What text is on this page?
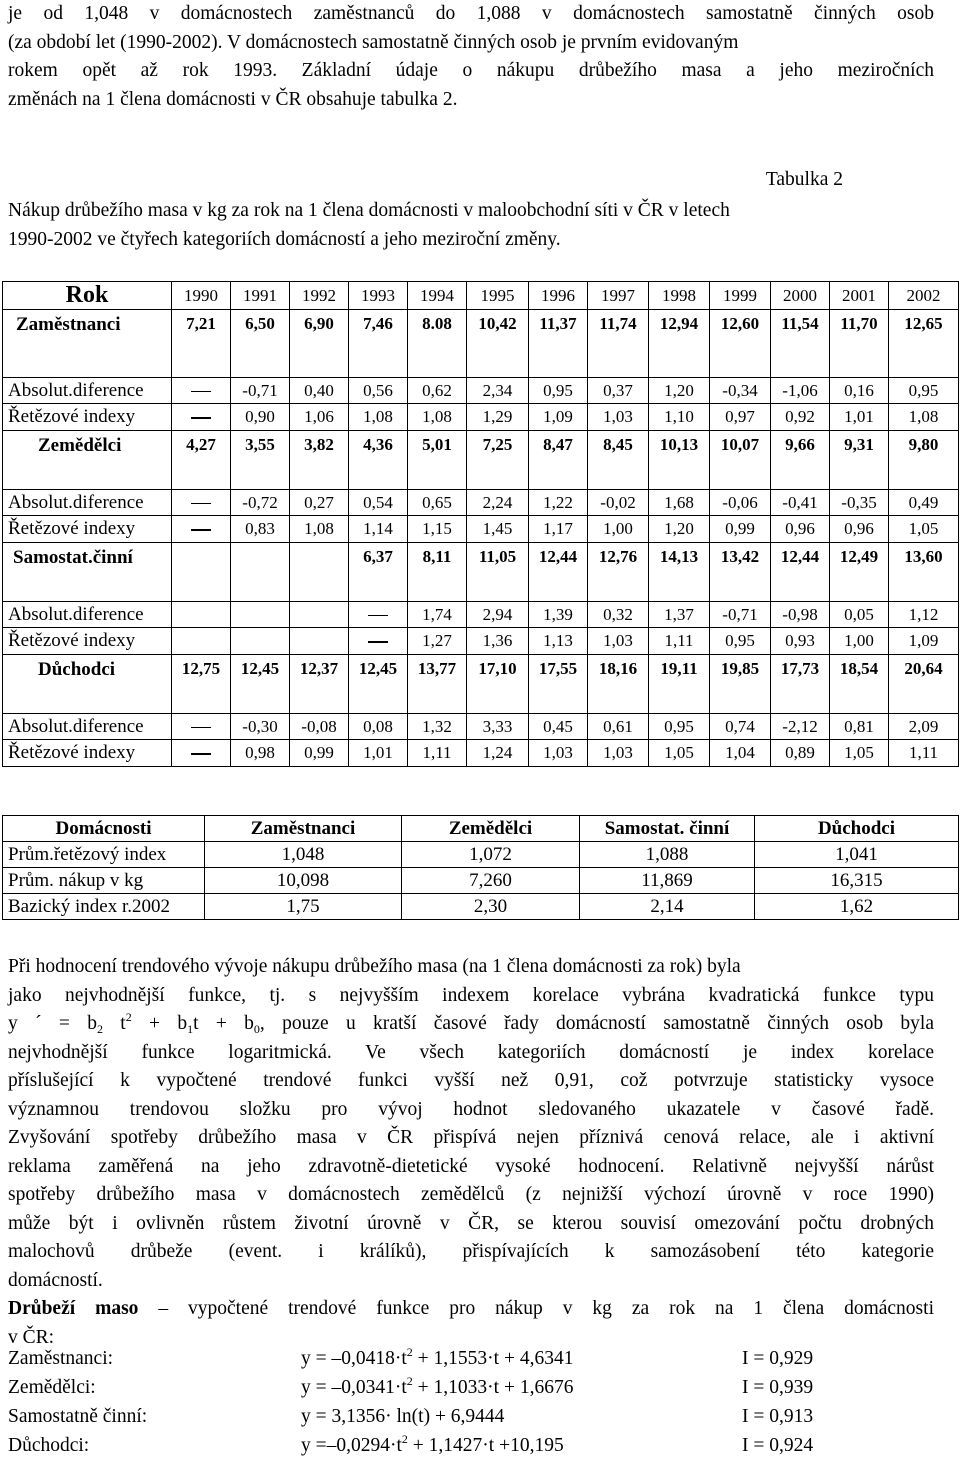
je od 1,048 v domácnostech zaměstnanců do 1,088 v domácnostech samostatně činných osob
(za období let (1990-2002). V domácnostech samostatně činných osob je prvním evidovaným
rokem opět až rok 1993. Základní údaje o nákupu drůbežího masa a jeho meziročních
změnách na 1 člena domácnosti v ČR obsahuje tabulka 2.
Tabulka 2
Nákup drůbežího masa v kg za rok na 1 člena domácnosti v maloobchodní síti v ČR v letech
1990-2002 ve čtyřech kategoriích domácností a jeho meziroční změny.
Rok	1990	1991	1992	1993	1994	1995	1996	1997	1998	1999	2000	2001	2002
Zaměstnanci	7,21	6,50	6,90	7,46	8.08	10,42	11,37	11,74	12,94	12,60	11,54	11,70	12,65
Absolut.diference		-0,71	0,40	0,56	0,62	2,34	0,95	0,37	1,20	-0,34	-1,06	0,16	0,95
Řetězové indexy		0,90	1,06	1,08	1,08	1,29	1,09	1,03	1,10	0,97	0,92	1,01	1,08
Zemědělci	4,27	3,55	3,82	4,36	5,01	7,25	8,47	8,45	10,13	10,07	9,66	9,31	9,80
Absolut.diference		-0,72	0,27	0,54	0,65	2,24	1,22	-0,02	1,68	-0,06	-0,41	-0,35	0,49
Řetězové indexy		0,83	1,08	1,14	1,15	1,45	1,17	1,00	1,20	0,99	0,96	0,96	1,05
Samostat.činní				6,37	8,11	11,05	12,44	12,76	14,13	13,42	12,44	12,49	13,60
Absolut.diference					1,74	2,94	1,39	0,32	1,37	-0,71	-0,98	0,05	1,12
Řetězové indexy					1,27	1,36	1,13	1,03	1,11	0,95	0,93	1,00	1,09
Důchodci	12,75	12,45	12,37	12,45	13,77	17,10	17,55	18,16	19,11	19,85	17,73	18,54	20,64
Absolut.diference		-0,30	-0,08	0,08	1,32	3,33	0,45	0,61	0,95	0,74	-2,12	0,81	2,09
Řetězové indexy		0,98	0,99	1,01	1,11	1,24	1,03	1,03	1,05	1,04	0,89	1,05	1,11
Domácnosti	Zaměstnanci	Zemědělci	Samostat. činní	Důchodci
Prům.řetězový index	1,048	1,072	1,088	1,041
Prům. nákup v kg	10,098	7,260	11,869	16,315
Bazický index r.2002	1,75	2,30	2,14	1,62
Při hodnocení trendového vývoje nákupu drůbežího masa (na 1 člena domácnosti za rok) byla
jako nejvhodnější funkce, tj. s nejvyšším indexem korelace vybrána kvadratická funkce typu
y ´ = $b_2$ $t^2 + b_1t + b_0$, pouze u kratší časové řady domácností samostatně činných osob byla
nejvhodnější funkce logaritmická. Ve všech kategoriích domácností je index korelace
příslušející k vypočtené trendové funkci vyšší než 0,91, což potvrzuje statisticky vysoce
významnou trendovou složku pro vývoj hodnot sledovaného ukazatele v časové řadě.
Zvyšování spotřeby drůbežího masa v ČR přispívá nejen příznivá cenová relace, ale i aktivní
reklama zaměřená na jeho zdravotně-dietetické vysoké hodnocení. Relativně nejvyšší nárůst
spotřeby drůbežího masa v domácnostech zemědělců (z nejnižší výchozí úrovně v roce 1990)
může být i ovlivněn růstem životní úrovně v ČR, se kterou souvisí omezování počtu drobných
malochovů drůbeže (event. i králíků), přispívajících k samozásobení této kategorie
domácností.
Drůbeží maso – vypočtené trendové funkce pro nákup v kg za rok na 1 člena domácnosti
v ČR:
Zaměstnanci:	$y = -0,0418\cdot t^2 + 1,1553\cdot t + 4,6341$	I = 0,929
Zemědělci:	$y = -0,0341\cdot t^2 + 1,1033\cdot t + 1,6676$	I = 0,939
Samostatně činní:	y = 3,1356· ln(t) + 6,9444	I = 0,913
Důchodci:	$y =-0,0294\cdot t^2 + 1,1427\cdot t +10,195$	I = 0,924
